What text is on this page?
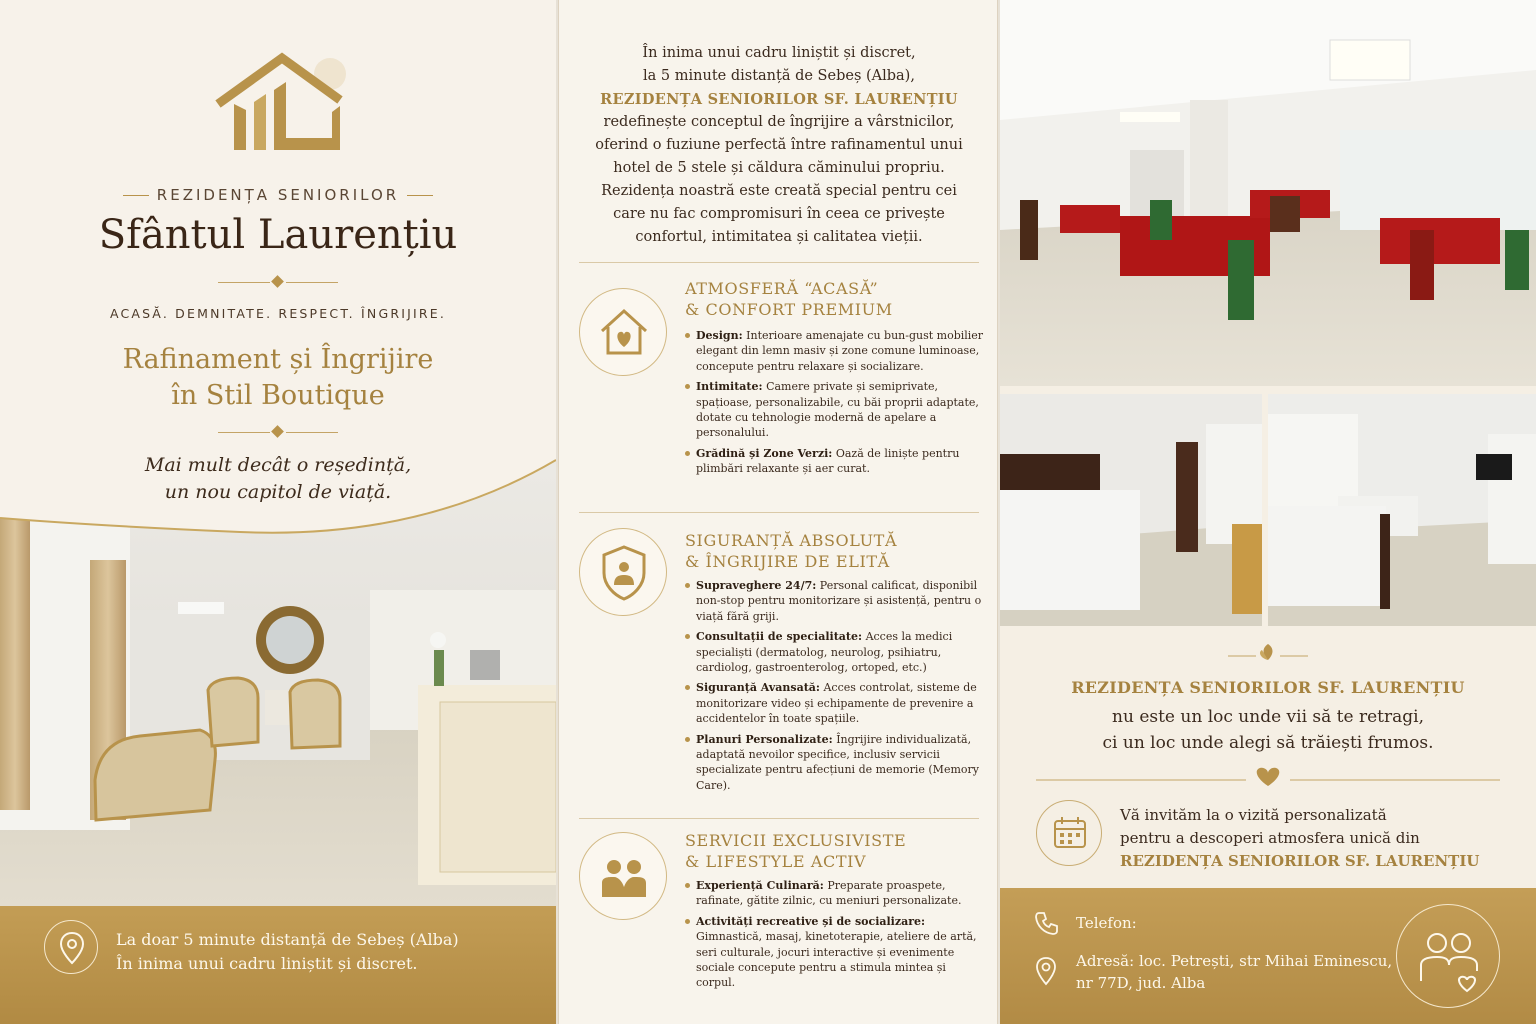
REZIDENȚA SENIORILOR
Sfântul Laurențiu
ACASĂ. DEMNITATE. RESPECT. ÎNGRIJIRE.
Rafinament și Îngrijire
în Stil Boutique
Mai mult decât o reședință,
un nou capitol de viață.
La doar 5 minute distanță de Sebeș (Alba)
În inima unui cadru liniștit și discret.
În inima unui cadru liniștit și discret,
la 5 minute distanță de Sebeș (Alba),
REZIDENȚA SENIORILOR SF. LAURENȚIU
redefinește conceptul de îngrijire a vârstnicilor,
oferind o fuziune perfectă între rafinamentul unui
hotel de 5 stele și căldura căminului propriu.
Rezidența noastră este creată special pentru cei
care nu fac compromisuri în ceea ce privește
confortul, intimitatea și calitatea vieții.
ATMOSFERĂ “ACASĂ”
& CONFORT PREMIUM
Design: Interioare amenajate cu bun-gust mobilier elegant din lemn masiv și zone comune luminoase, concepute pentru relaxare și socializare.
Intimitate: Camere private și semiprivate, spațioase, personalizabile, cu băi proprii adaptate, dotate cu tehnologie modernă de apelare a personalului.
Grădină și Zone Verzi: Oază de liniște pentru plimbări relaxante și aer curat.
SIGURANȚĂ ABSOLUTĂ
& ÎNGRIJIRE DE ELITĂ
Supraveghere 24/7: Personal calificat, disponibil non-stop pentru monitorizare și asistență, pentru o viață fără griji.
Consultații de specialitate: Acces la medici specialiști (dermatolog, neurolog, psihiatru, cardiolog, gastroenterolog, ortoped, etc.)
Siguranță Avansată: Acces controlat, sisteme de monitorizare video și echipamente de prevenire a accidentelor în toate spațiile.
Planuri Personalizate: Îngrijire individualizată, adaptată nevoilor specifice, inclusiv servicii specializate pentru afecțiuni de memorie (Memory Care).
SERVICII EXCLUSIVISTE
& LIFESTYLE ACTIV
Experiență Culinară: Preparate proaspete, rafinate, gătite zilnic, cu meniuri personalizate.
Activități recreative și de socializare: Gimnastică, masaj, kinetoterapie, ateliere de artă, seri culturale, jocuri interactive și evenimente sociale concepute pentru a stimula mintea și corpul.
REZIDENȚA SENIORILOR SF. LAURENȚIU
nu este un loc unde vii să te retragi,
ci un loc unde alegi să trăiești frumos.
Vă invităm la o vizită personalizată
pentru a descoperi atmosfera unică din
REZIDENȚA SENIORILOR SF. LAURENȚIU
Telefon:
Adresă: loc. Petrești, str Mihai Eminescu,
nr 77D, jud. Alba
